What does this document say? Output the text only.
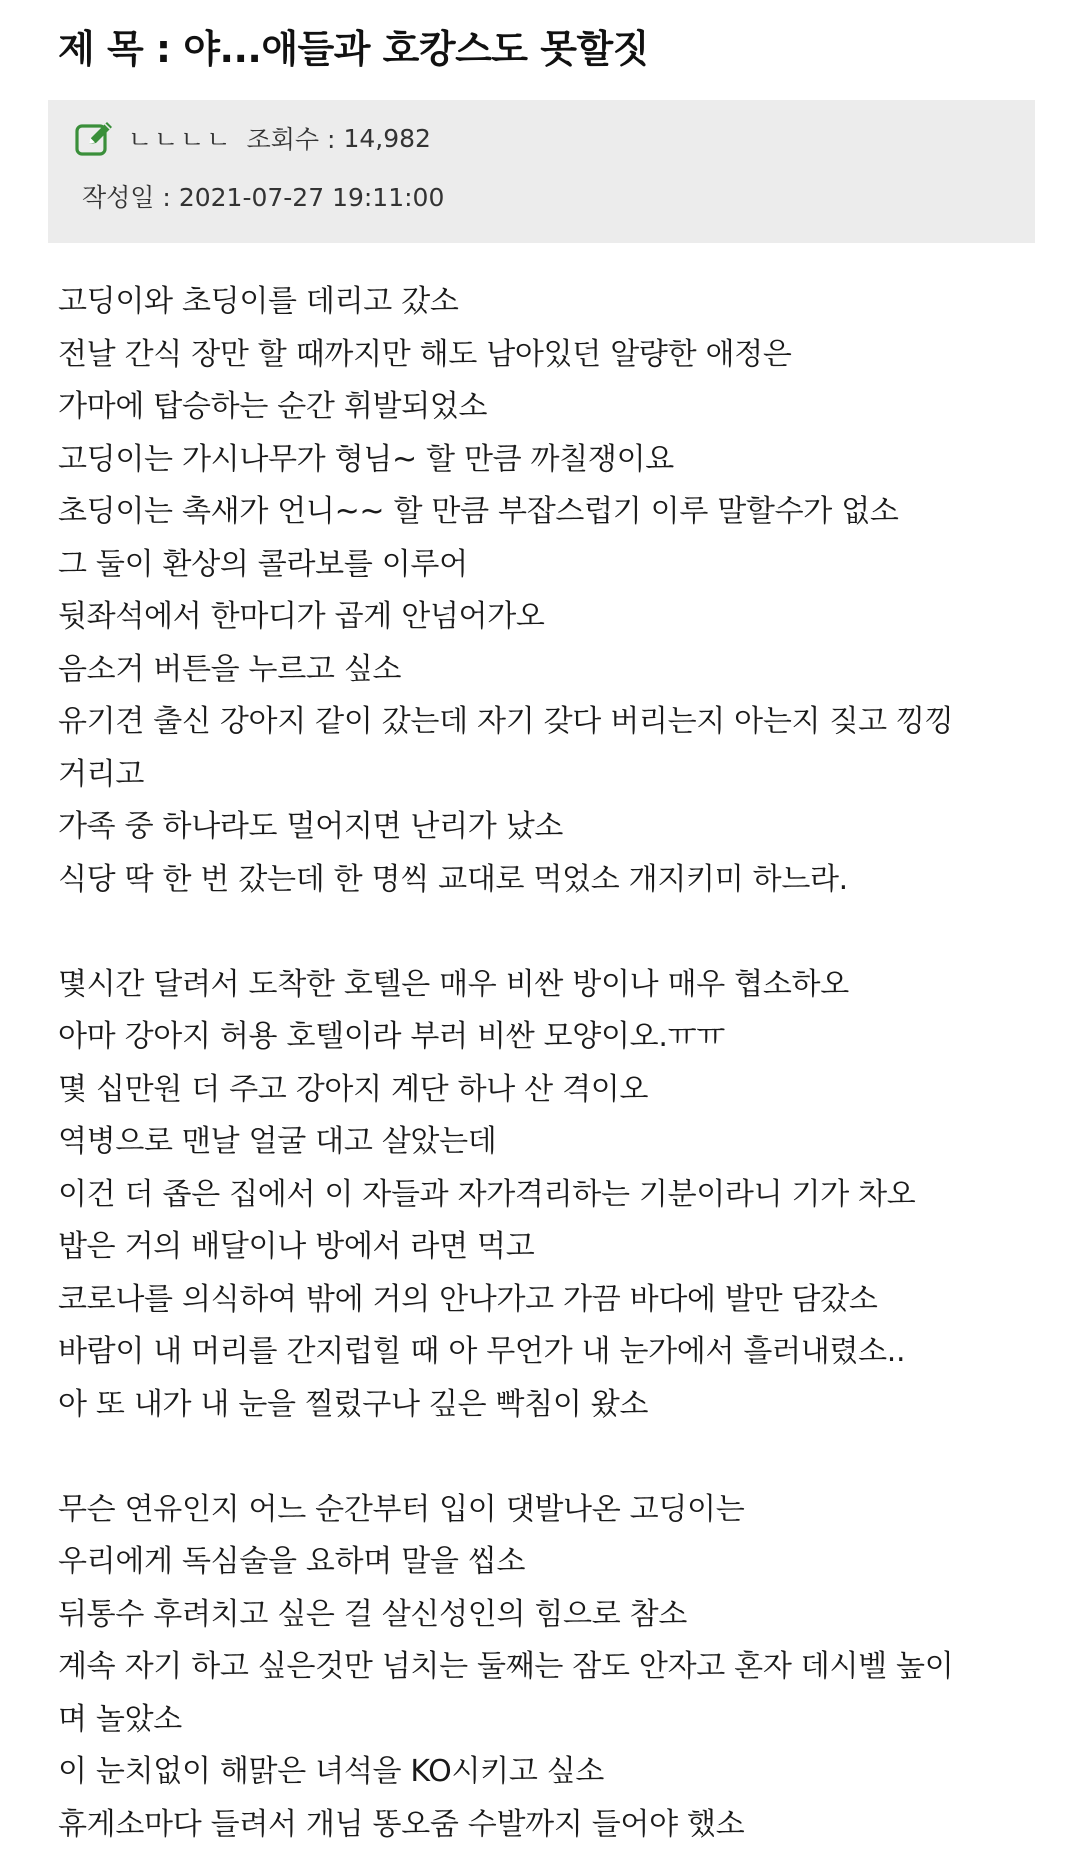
제 목 : 야...애들과 호캉스도 못할짓
ㄴㄴㄴㄴ 조회수 : 14,982
작성일 : 2021-07-27 19:11:00
고딩이와 초딩이를 데리고 갔소
전날 간식 장만 할 때까지만 해도 남아있던 알량한 애정은
가마에 탑승하는 순간 휘발되었소
고딩이는 가시나무가 형님~ 할 만큼 까칠쟁이요
초딩이는 촉새가 언니~~ 할 만큼 부잡스럽기 이루 말할수가 없소
그 둘이 환상의 콜라보를 이루어
뒷좌석에서 한마디가 곱게 안넘어가오
음소거 버튼을 누르고 싶소
유기견 출신 강아지 같이 갔는데 자기 갖다 버리는지 아는지 짖고 낑낑
거리고
가족 중 하나라도 멀어지면 난리가 났소
식당 딱 한 번 갔는데 한 명씩 교대로 먹었소 개지키미 하느라.
몇시간 달려서 도착한 호텔은 매우 비싼 방이나 매우 협소하오
아마 강아지 허용 호텔이라 부러 비싼 모양이오.ㅠㅠ
몇 십만원 더 주고 강아지 계단 하나 산 격이오
역병으로 맨날 얼굴 대고 살았는데
이건 더 좁은 집에서 이 자들과 자가격리하는 기분이라니 기가 차오
밥은 거의 배달이나 방에서 라면 먹고
코로나를 의식하여 밖에 거의 안나가고 가끔 바다에 발만 담갔소
바람이 내 머리를 간지럽힐 때 아 무언가 내 눈가에서 흘러내렸소..
아 또 내가 내 눈을 찔렀구나 깊은 빡침이 왔소
무슨 연유인지 어느 순간부터 입이 댓발나온 고딩이는
우리에게 독심술을 요하며 말을 씹소
뒤통수 후려치고 싶은 걸 살신성인의 힘으로 참소
계속 자기 하고 싶은것만 넘치는 둘째는 잠도 안자고 혼자 데시벨 높이
며 놀았소
이 눈치없이 해맑은 녀석을 KO시키고 싶소
휴게소마다 들려서 개님 똥오줌 수발까지 들어야 했소
